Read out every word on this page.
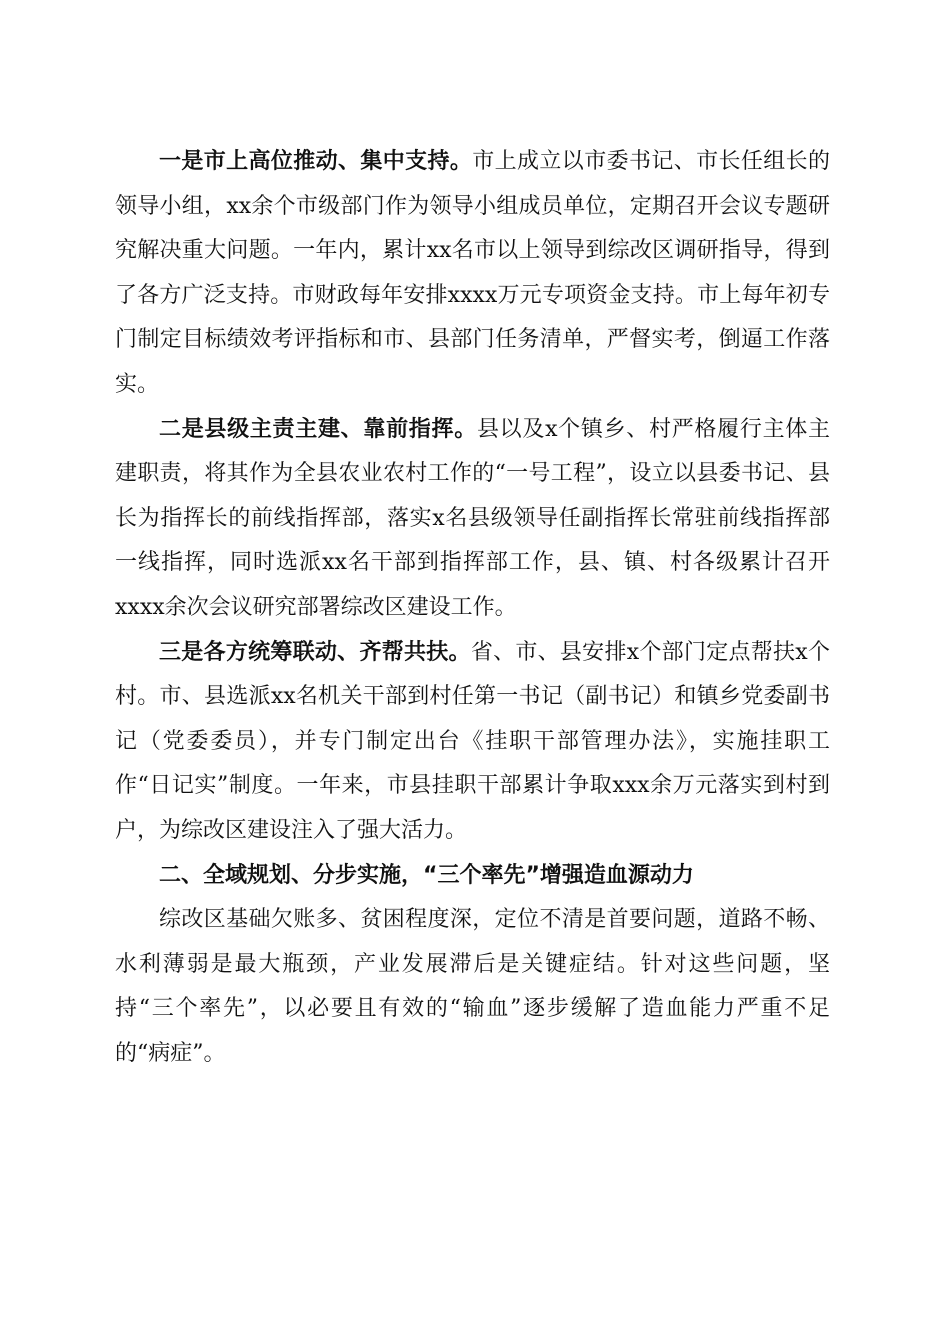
一是市上高位推动、集中支持。市上成立以市委书记、市长任组长的领导小组，xx余个市级部门作为领导小组成员单位，定期召开会议专题研究解决重大问题。一年内，累计xx名市以上领导到综改区调研指导，得到了各方广泛支持。市财政每年安排xxxx万元专项资金支持。市上每年初专门制定目标绩效考评指标和市、县部门任务清单，严督实考，倒逼工作落实。

二是县级主责主建、靠前指挥。县以及x个镇乡、村严格履行主体主建职责，将其作为全县农业农村工作的“一号工程”，设立以县委书记、县长为指挥长的前线指挥部，落实x名县级领导任副指挥长常驻前线指挥部一线指挥，同时选派xx名干部到指挥部工作，县、镇、村各级累计召开xxxx余次会议研究部署综改区建设工作。

三是各方统筹联动、齐帮共扶。省、市、县安排x个部门定点帮扶x个村。市、县选派xx名机关干部到村任第一书记（副书记）和镇乡党委副书记（党委委员），并专门制定出台《挂职干部管理办法》，实施挂职工作“日记实”制度。一年来，市县挂职干部累计争取xxx余万元落实到村到户，为综改区建设注入了强大活力。

二、全域规划、分步实施，“三个率先”增强造血源动力

综改区基础欠账多、贫困程度深，定位不清是首要问题，道路不畅、水利薄弱是最大瓶颈，产业发展滞后是关键症结。针对这些问题，坚持“三个率先”，以必要且有效的“输血”逐步缓解了造血能力严重不足的“病症”。
